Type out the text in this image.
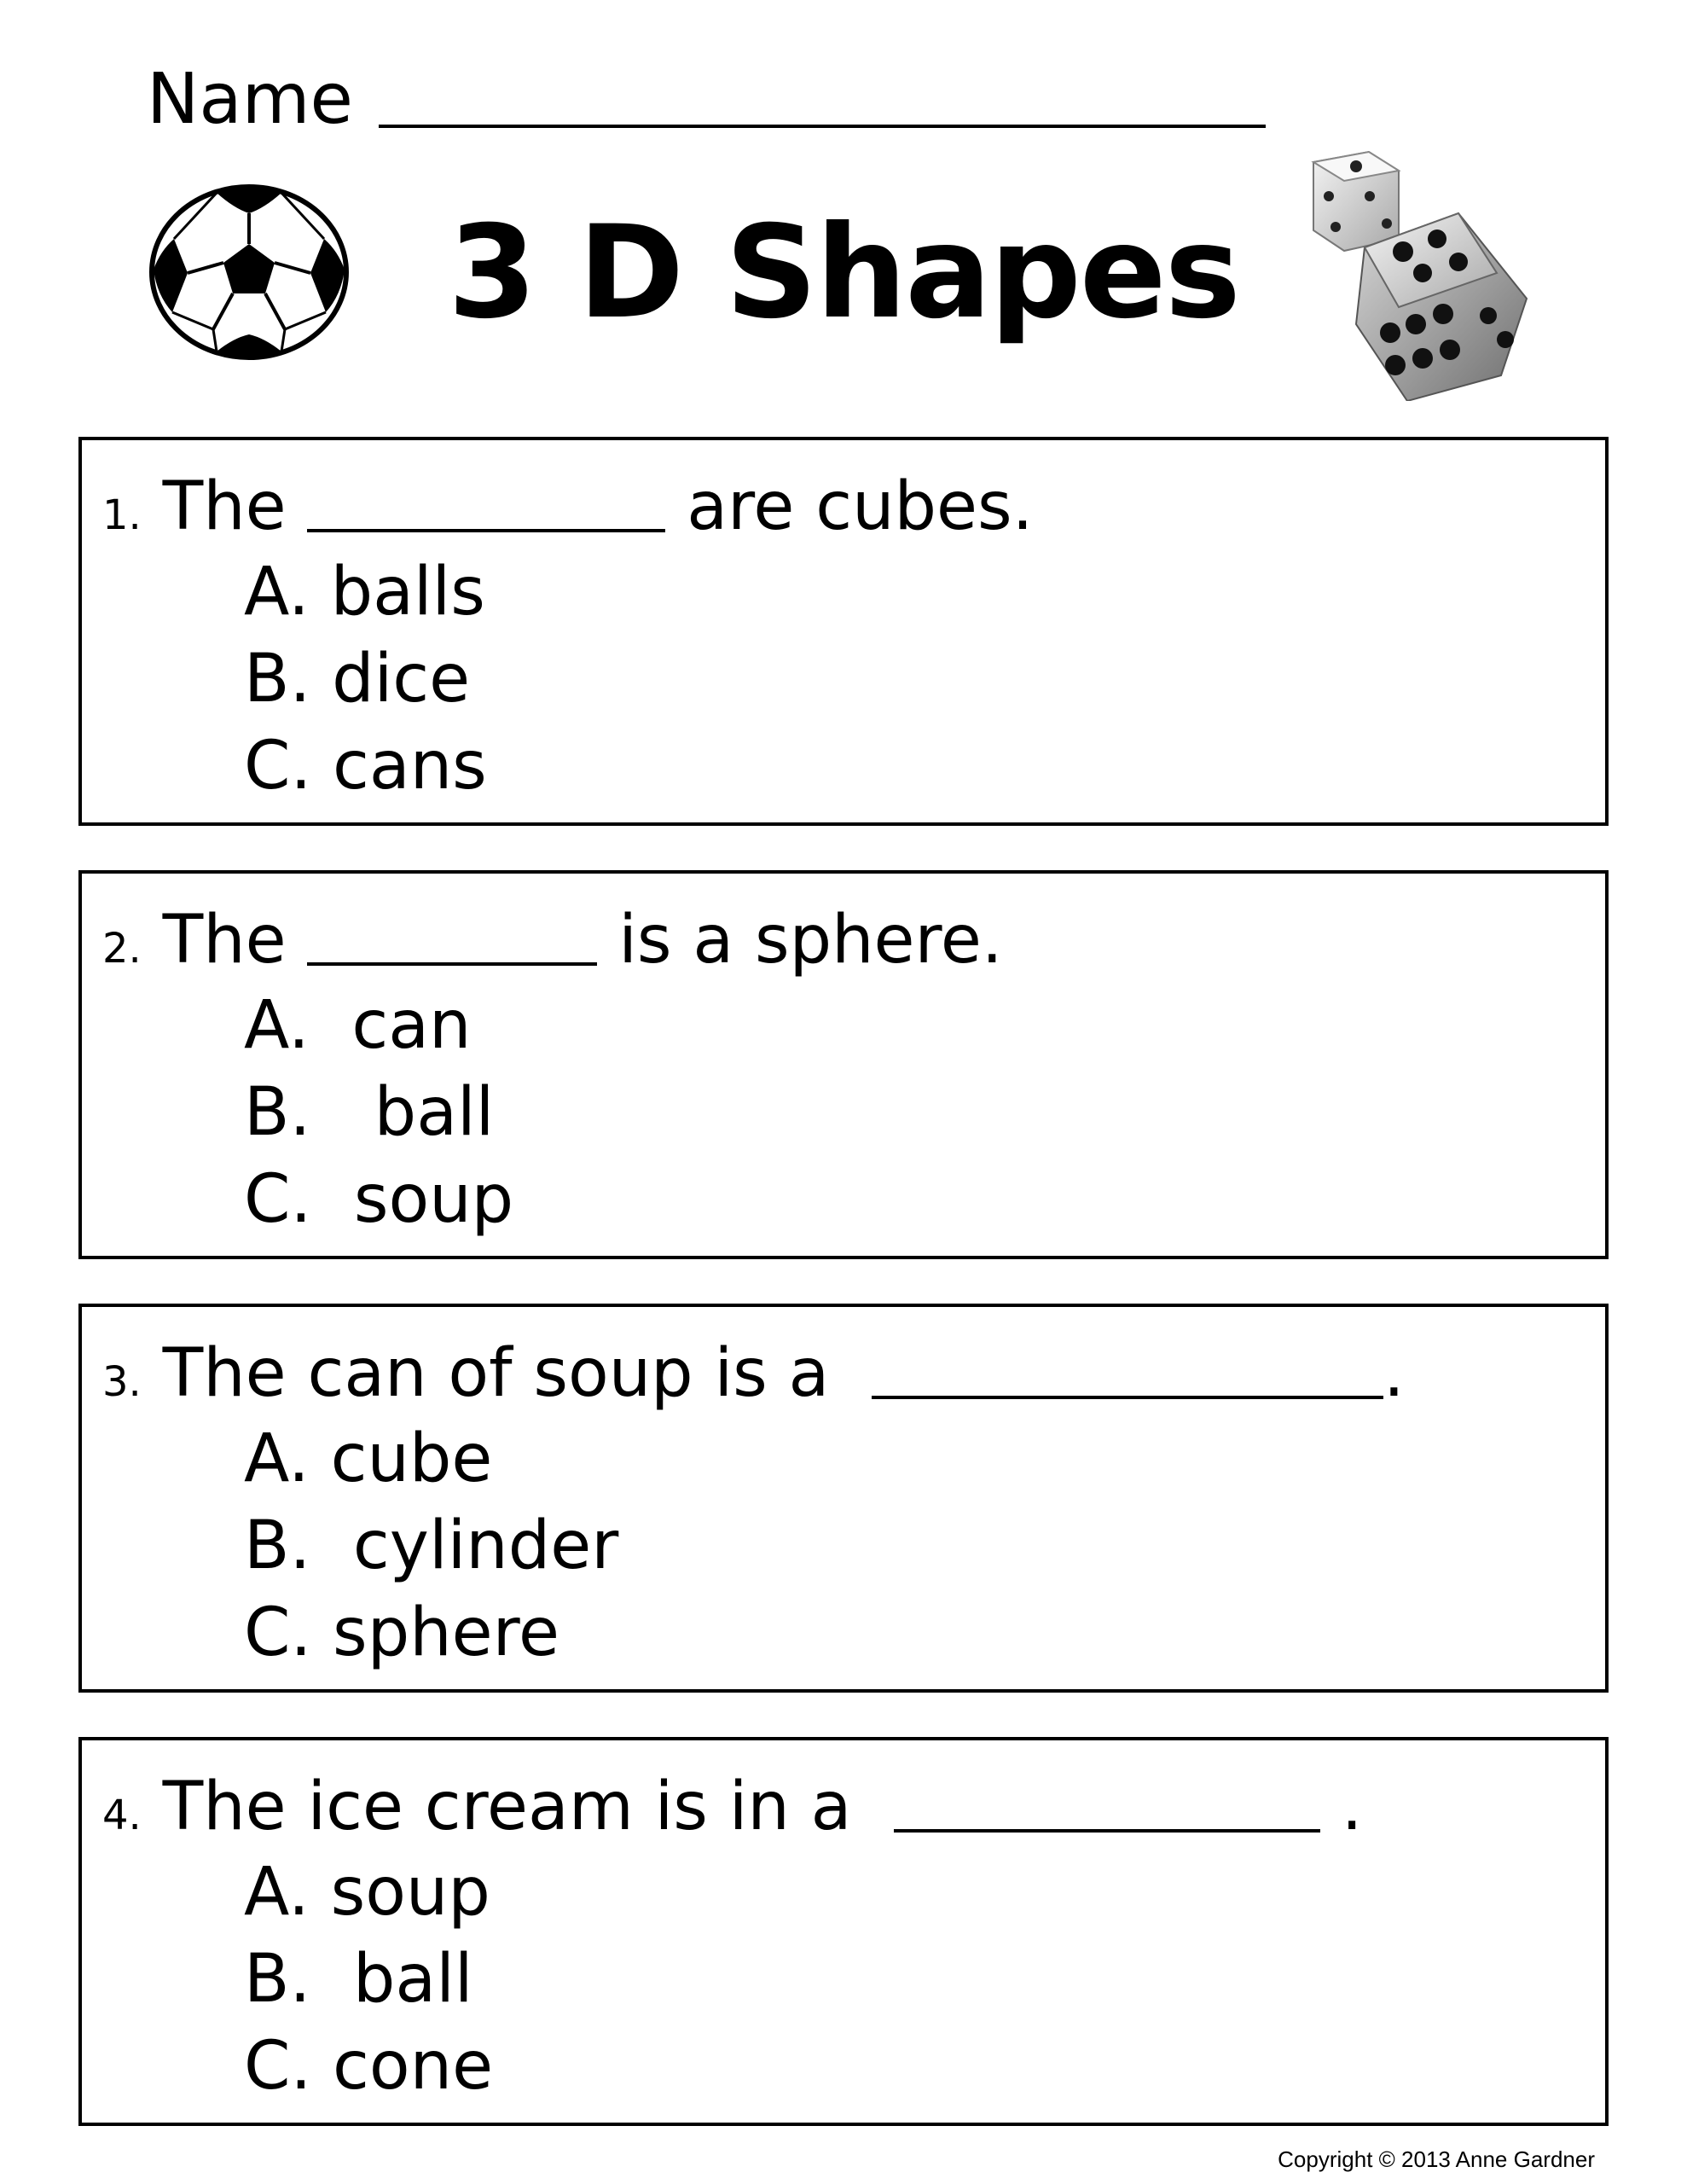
Name
3 D Shapes
1. The	are cubes.
A. balls
B. dice
C. cans
2. The	is a sphere.
A.  can
B.   ball
C.  soup
3. The can of soup is a	.
A. cube
B.  cylinder
C. sphere
4. The ice cream is in a	.
A. soup
B.  ball
C. cone
Copyright © 2013 Anne Gardner
